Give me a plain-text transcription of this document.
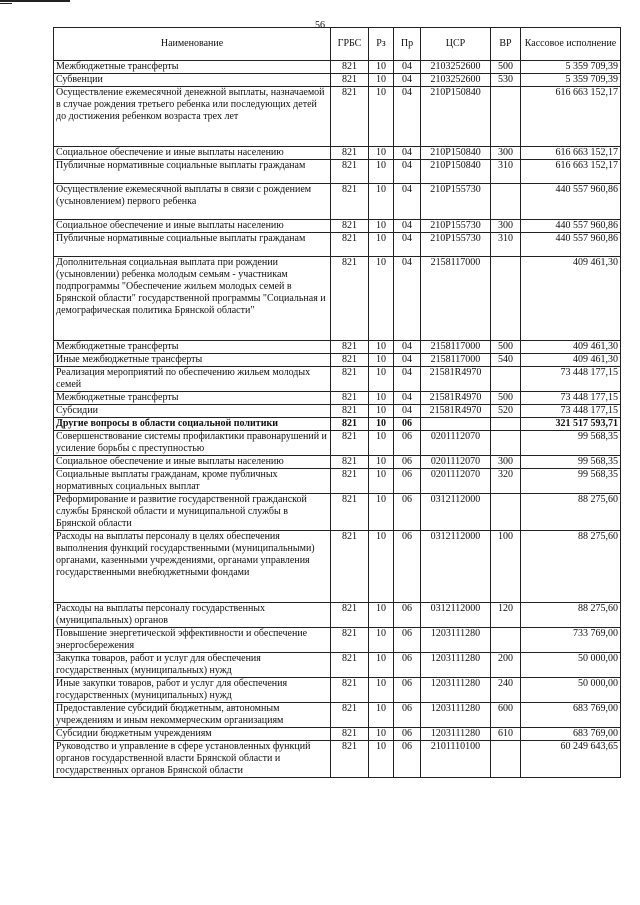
56
Наименование	ГРБС	Рз	Пр	ЦСР	ВР	Кассовое исполнение
Межбюджетные трансферты	821	10	04	2103252600	500	5 359 709,39
Субвенции	821	10	04	2103252600	530	5 359 709,39
Осуществление ежемесячной денежной выплаты, назначаемой в случае рождения третьего ребенка или последующих детей до достижения ребенком возраста трех лет	821	10	04	210Р150840		616 663 152,17
Социальное обеспечение и иные выплаты населению	821	10	04	210Р150840	300	616 663 152,17
Публичные нормативные социальные выплаты гражданам	821	10	04	210Р150840	310	616 663 152,17
Осуществление ежемесячной выплаты в связи с рождением (усыновлением) первого ребенка	821	10	04	210Р155730		440 557 960,86
Социальное обеспечение и иные выплаты населению	821	10	04	210Р155730	300	440 557 960,86
Публичные нормативные социальные выплаты гражданам	821	10	04	210Р155730	310	440 557 960,86
Дополнительная социальная выплата при рождении (усыновлении) ребенка молодым семьям - участникам подпрограммы "Обеспечение жильем молодых семей в Брянской области" государственной программы "Социальная и демографическая политика Брянской области"	821	10	04	2158117000		409 461,30
Межбюджетные трансферты	821	10	04	2158117000	500	409 461,30
Иные межбюджетные трансферты	821	10	04	2158117000	540	409 461,30
Реализация мероприятий по обеспечению жильем молодых семей	821	10	04	21581R4970		73 448 177,15
Межбюджетные трансферты	821	10	04	21581R4970	500	73 448 177,15
Субсидии	821	10	04	21581R4970	520	73 448 177,15
Другие вопросы в области социальной политики	821	10	06			321 517 593,71
Совершенствование системы профилактики правонарушений и усиление борьбы с преступностью	821	10	06	0201112070		99 568,35
Социальное обеспечение и иные выплаты населению	821	10	06	0201112070	300	99 568,35
Социальные выплаты гражданам, кроме публичных нормативных социальных выплат	821	10	06	0201112070	320	99 568,35
Реформирование и развитие государственной гражданской службы Брянской области и муниципальной службы в Брянской области	821	10	06	0312112000		88 275,60
Расходы на выплаты персоналу в целях обеспечения выполнения функций государственными (муниципальными) органами, казенными учреждениями, органами управления государственными внебюджетными фондами	821	10	06	0312112000	100	88 275,60
Расходы на выплаты персоналу государственных (муниципальных) органов	821	10	06	0312112000	120	88 275,60
Повышение энергетической эффективности и обеспечение энергосбережения	821	10	06	1203111280		733 769,00
Закупка товаров, работ и услуг для обеспечения государственных (муниципальных) нужд	821	10	06	1203111280	200	50 000,00
Иные закупки товаров, работ и услуг для обеспечения государственных (муниципальных) нужд	821	10	06	1203111280	240	50 000,00
Предоставление субсидий бюджетным, автономным учреждениям и иным некоммерческим организациям	821	10	06	1203111280	600	683 769,00
Субсидии бюджетным учреждениям	821	10	06	1203111280	610	683 769,00
Руководство и управление в сфере установленных функций органов государственной власти Брянской области и государственных органов Брянской области	821	10	06	2101110100		60 249 643,65
